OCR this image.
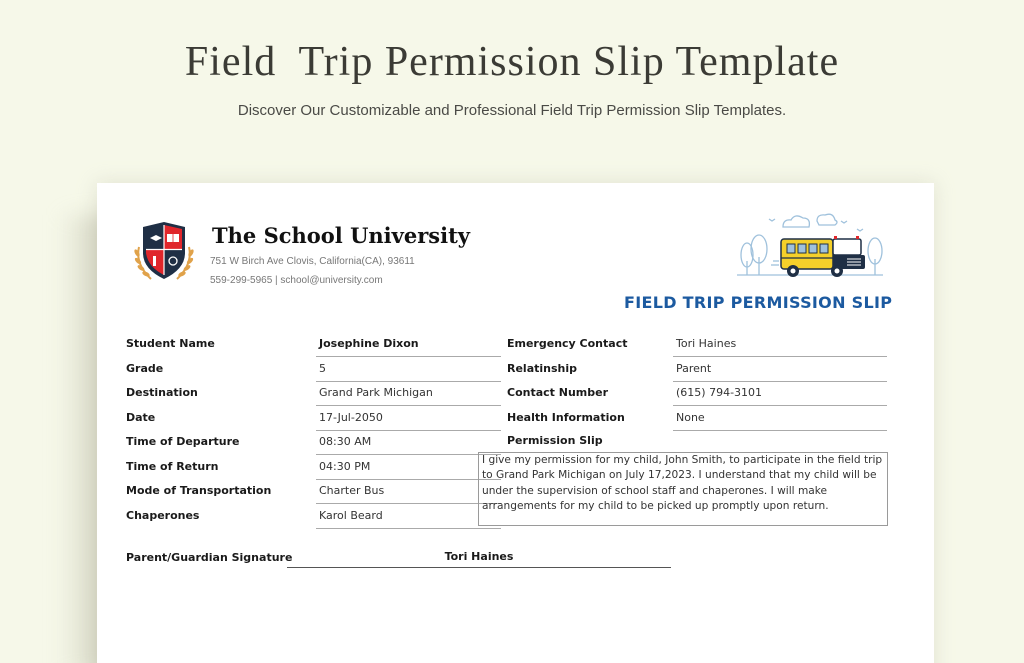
Field  Trip Permission Slip Template
Discover Our Customizable and Professional Field Trip Permission Slip Templates.
The School University
751 W Birch Ave Clovis, California(CA), 93611
559-299-5965 | school@university.com
FIELD TRIP PERMISSION SLIP
Student Name	Josephine Dixon
Grade	5
Destination	Grand Park Michigan
Date	17-Jul-2050
Time of Departure	08:30 AM
Time of Return	04:30 PM
Mode of Transportation	Charter Bus
Chaperones	Karol Beard
Emergency Contact	Tori Haines
Relatinship	Parent
Contact Number	(615) 794-3101
Health Information	None
Permission Slip
I give my permission for my child, John Smith, to participate in the field trip to Grand Park Michigan on July 17,2023. I understand that my child will be under the supervision of school staff and chaperones. I will make arrangements for my child to be picked up promptly upon return.
Parent/Guardian Signature	Tori Haines
